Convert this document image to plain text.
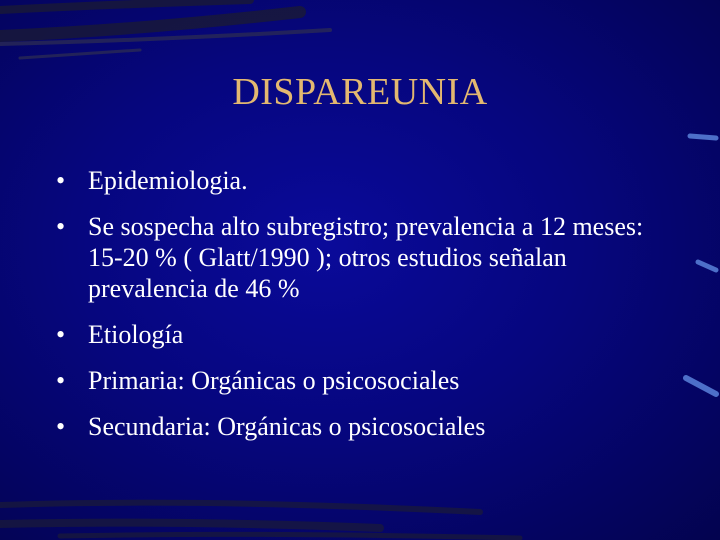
DISPAREUNIA
• Epidemiologia.
• Se sospecha alto subregistro; prevalencia a 12 meses: 15-20 % ( Glatt/1990 ); otros estudios señalan prevalencia de 46 %
• Etiología
• Primaria: Orgánicas o psicosociales
• Secundaria: Orgánicas o psicosociales
